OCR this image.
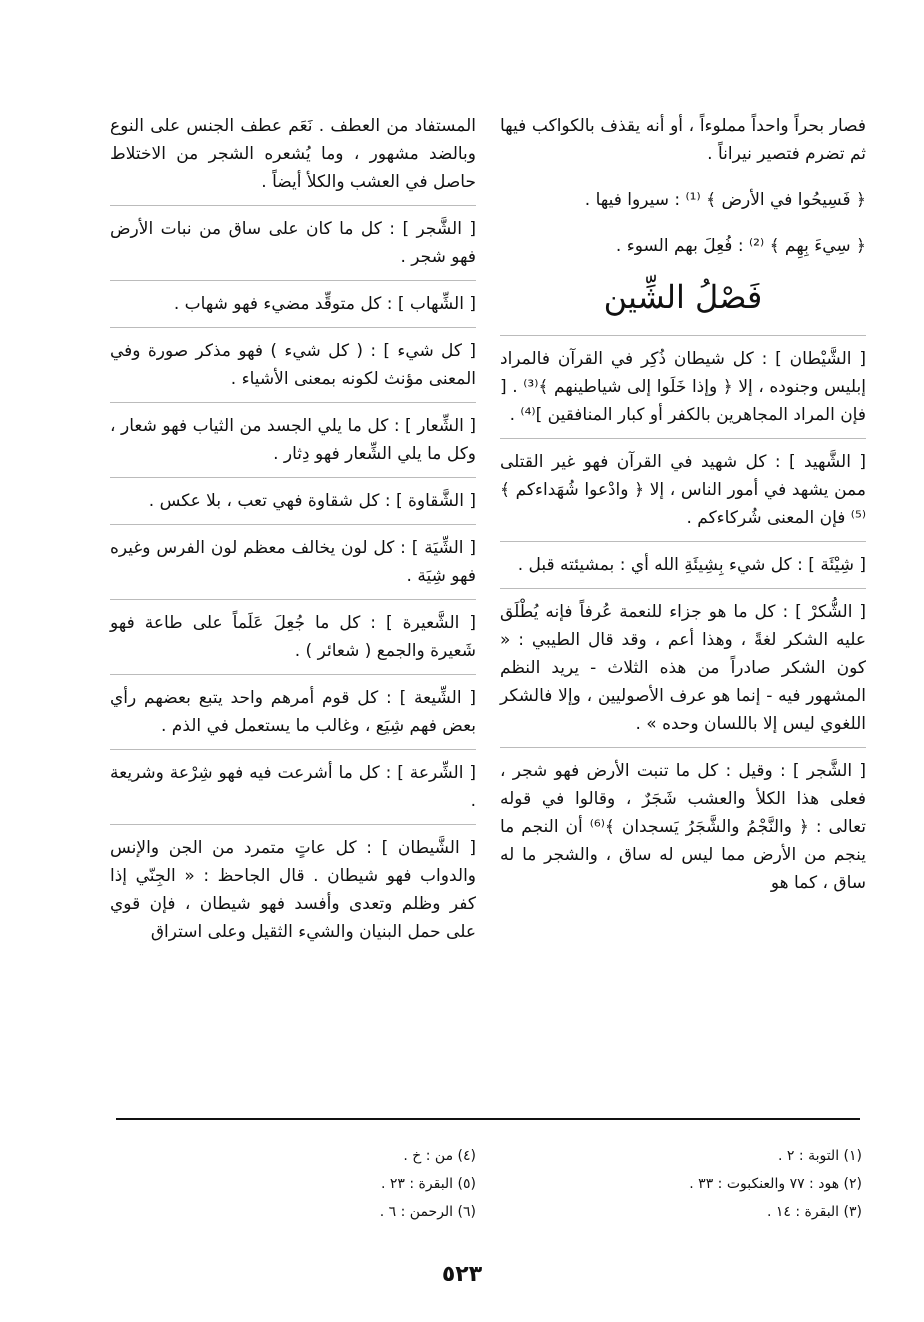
فصار بحراً واحداً مملوءاً ، أو أنه يقذف بالكواكب فيها ثم تضرم فتصير نيراناً .

﴿ فَسِيحُوا في الأرض ﴾ ⁽¹⁾ : سيروا فيها .

﴿ سِيءَ بِهِم ﴾ ⁽²⁾ : فُعِلَ بهم السوء .

فَصْلُ الشِّين

[ الشَّيْطان ] : كل شيطان ذُكِر في القرآن فالمراد إبليس وجنوده ، إلا ﴿ وإذا خَلَوا إلى شياطينهم ﴾⁽³⁾ . [ فإن المراد المجاهرين بالكفر أو كبار المنافقين ]⁽⁴⁾ .

[ الشَّهيد ] : كل شهيد في القرآن فهو غير القتلى ممن يشهد في أمور الناس ، إلا ﴿ وادْعوا شُهَداءكم ﴾⁽⁵⁾ فإن المعنى شُركاءكم .

[ شِيْئَة ] : كل شيء بِشِيئَةِ الله أي : بمشيئته قبل .

[ الشُّكرْ ] : كل ما هو جزاء للنعمة عُرفاً فإنه يُطْلَق عليه الشكر لغةً ، وهذا أعم ، وقد قال الطيبي : « كون الشكر صادراً من هذه الثلاث - يريد النظم المشهور فيه - إنما هو عرف الأصوليين ، وإلا فالشكر اللغوي ليس إلا باللسان وحده » .

[ الشَّجر ] : وقيل : كل ما تنبت الأرض فهو شجر ، فعلى هذا الكلأ والعشب شَجَرٌ ، وقالوا في قوله تعالى : ﴿ والنَّجْمُ والشَّجَرُ يَسجدان ﴾⁽⁶⁾ أن النجم ما ينجم من الأرض مما ليس له ساق ، والشجر ما له ساق ، كما هو

المستفاد من العطف . نَعَم عطف الجنس على النوع وبالضد مشهور ، وما يُشعره الشجر من الاختلاط حاصل في العشب والكلأ أيضاً .

[ الشَّجر ] : كل ما كان على ساق من نبات الأرض فهو شجر .

[ الشِّهاب ] : كل متوقِّد مضيء فهو شهاب .

[ كل شيء ] : ( كل شيء ) فهو مذكر صورة وفي المعنى مؤنث لكونه بمعنى الأشياء .

[ الشِّعار ] : كل ما يلي الجسد من الثياب فهو شعار ، وكل ما يلي الشِّعار فهو دِثار .

[ الشَّقاوة ] : كل شقاوة فهي تعب ، بلا عكس .

[ الشِّيَة ] : كل لون يخالف معظم لون الفرس وغيره فهو شِيَة .

[ الشَّعيرة ] : كل ما جُعِلَ عَلَماً على طاعة فهو شَعيرة والجمع ( شعائر ) .

[ الشِّيعة ] : كل قوم أمرهم واحد يتبع بعضهم رأي بعض فهم شِيَع ، وغالب ما يستعمل في الذم .

[ الشِّرعة ] : كل ما أشرعت فيه فهو شِرْعة وشريعة .

[ الشَّيطان ] : كل عاتٍ متمرد من الجن والإنس والدواب فهو شيطان . قال الجاحظ : « الجِنّي إذا كفر وظلم وتعدى وأفسد فهو شيطان ، فإن قوي على حمل البنيان والشيء الثقيل وعلى استراق

(١) التوبة : ٢ .
(٢) هود : ٧٧ والعنكبوت : ٣٣ .
(٣) البقرة : ١٤ .
(٤) من : خ .
(٥) البقرة : ٢٣ .
(٦) الرحمن : ٦ .
٥٢٣
